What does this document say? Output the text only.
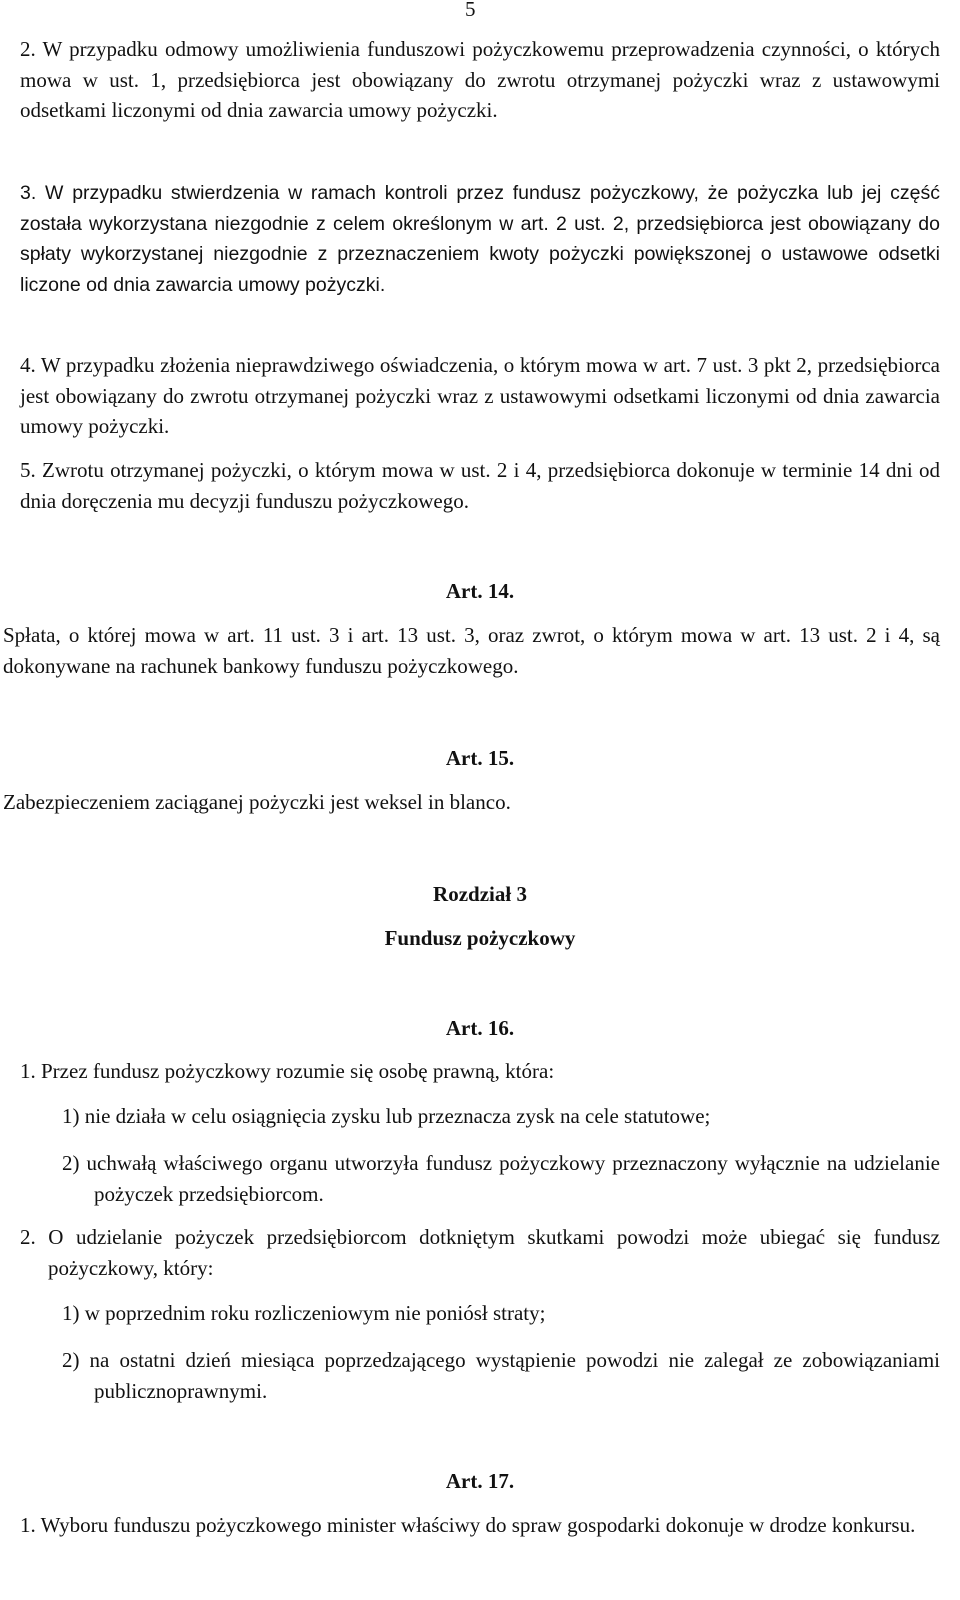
5
2. W przypadku odmowy umożliwienia funduszowi pożyczkowemu przeprowadzenia czynności, o których mowa w ust. 1, przedsiębiorca jest obowiązany do zwrotu otrzymanej pożyczki wraz z ustawowymi odsetkami liczonymi od dnia zawarcia umowy pożyczki.
3. W przypadku stwierdzenia w ramach kontroli przez fundusz pożyczkowy, że pożyczka lub jej część została wykorzystana niezgodnie z celem określonym w art. 2 ust. 2, przedsiębiorca jest obowiązany do spłaty wykorzystanej niezgodnie z przeznaczeniem kwoty pożyczki powiększonej o ustawowe odsetki liczone od dnia zawarcia umowy pożyczki.
4. W przypadku złożenia nieprawdziwego oświadczenia, o którym mowa w art. 7 ust. 3 pkt 2, przedsiębiorca jest obowiązany do zwrotu otrzymanej pożyczki wraz z ustawowymi odsetkami liczonymi od dnia zawarcia umowy pożyczki.
5. Zwrotu otrzymanej pożyczki, o którym mowa w ust. 2 i 4, przedsiębiorca dokonuje w terminie 14 dni od dnia doręczenia mu decyzji funduszu pożyczkowego.
Art. 14.
Spłata, o której mowa w art. 11 ust. 3 i art. 13 ust. 3, oraz zwrot, o którym mowa w art. 13 ust. 2 i 4, są dokonywane na rachunek bankowy funduszu pożyczkowego.
Art. 15.
Zabezpieczeniem zaciąganej pożyczki jest weksel in blanco.
Rozdział 3
Fundusz pożyczkowy
Art. 16.
1. Przez fundusz pożyczkowy rozumie się osobę prawną, która:
1) nie działa w celu osiągnięcia zysku lub przeznacza zysk na cele statutowe;
2) uchwałą właściwego organu utworzyła fundusz pożyczkowy przeznaczony wyłącznie na udzielanie pożyczek przedsiębiorcom.
2. O udzielanie pożyczek przedsiębiorcom dotkniętym skutkami powodzi może ubiegać się fundusz pożyczkowy, który:
1) w poprzednim roku rozliczeniowym nie poniósł straty;
2) na ostatni dzień miesiąca poprzedzającego wystąpienie powodzi nie zalegał ze zobowiązaniami publicznoprawnymi.
Art. 17.
1. Wyboru funduszu pożyczkowego minister właściwy do spraw gospodarki dokonuje w drodze konkursu.
